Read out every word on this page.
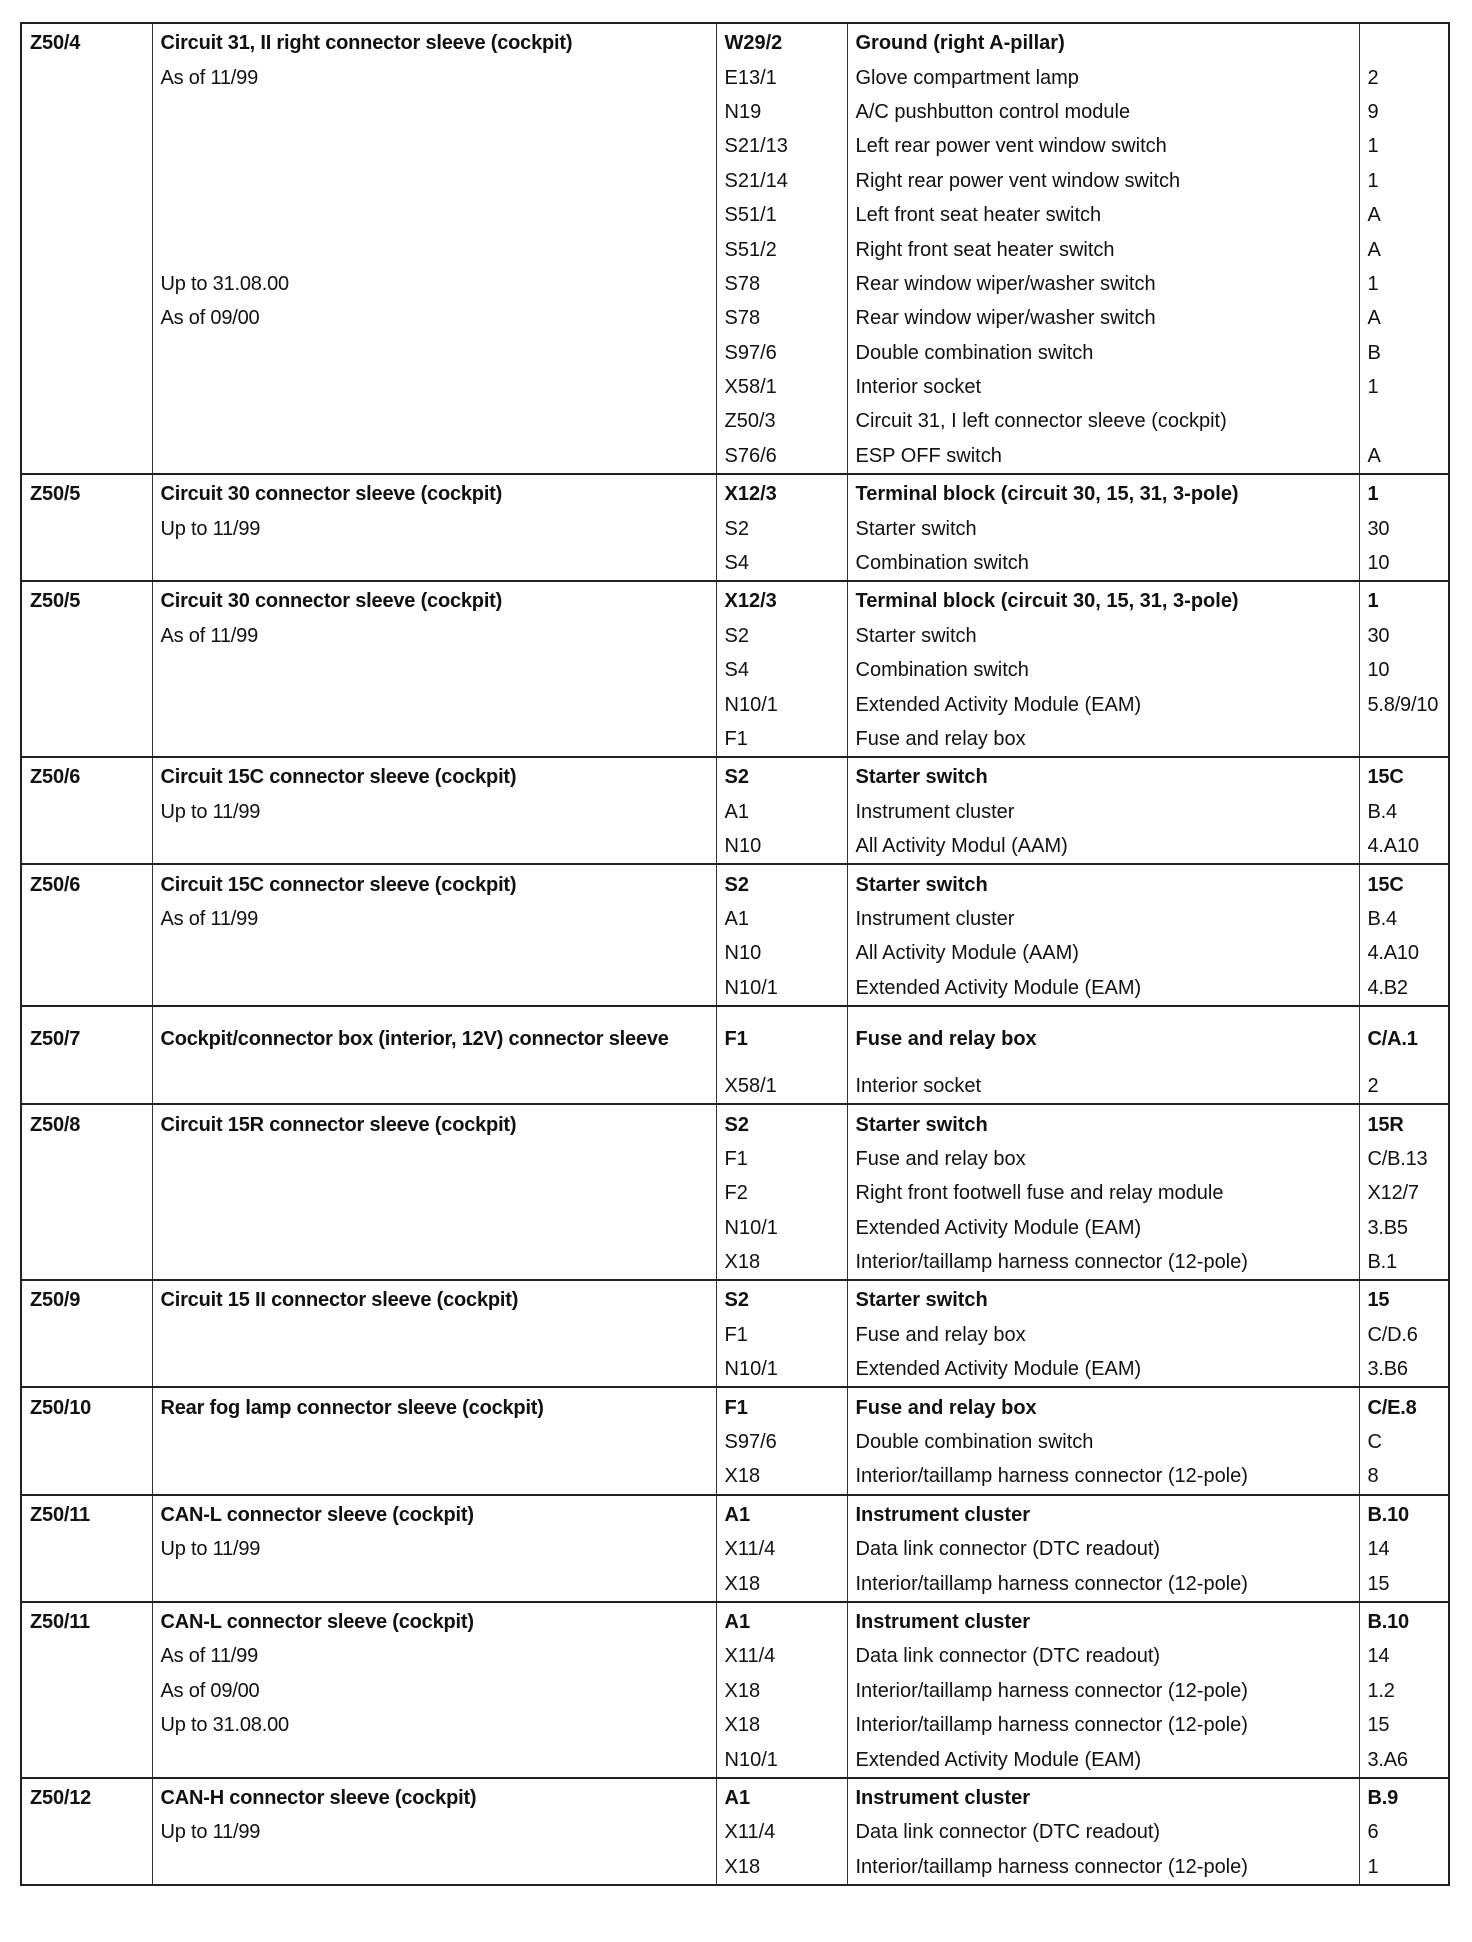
Z50/4	Circuit 31, II right connector sleeve (cockpit)	W29/2	Ground (right A-pillar)	
	As of 11/99	E13/1	Glove compartment lamp	2
		N19	A/C pushbutton control module	9
		S21/13	Left rear power vent window switch	1
		S21/14	Right rear power vent window switch	1
		S51/1	Left front seat heater switch	A
		S51/2	Right front seat heater switch	A
	Up to 31.08.00	S78	Rear window wiper/washer switch	1
	As of 09/00	S78	Rear window wiper/washer switch	A
		S97/6	Double combination switch	B
		X58/1	Interior socket	1
		Z50/3	Circuit 31, I left connector sleeve (cockpit)	
		S76/6	ESP OFF switch	A
Z50/5	Circuit 30 connector sleeve (cockpit)	X12/3	Terminal block (circuit 30, 15, 31, 3-pole)	1
	Up to 11/99	S2	Starter switch	30
		S4	Combination switch	10
Z50/5	Circuit 30 connector sleeve (cockpit)	X12/3	Terminal block (circuit 30, 15, 31, 3-pole)	1
	As of 11/99	S2	Starter switch	30
		S4	Combination switch	10
		N10/1	Extended Activity Module (EAM)	5.8/9/10
		F1	Fuse and relay box	
Z50/6	Circuit 15C connector sleeve (cockpit)	S2	Starter switch	15C
	Up to 11/99	A1	Instrument cluster	B.4
		N10	All Activity Modul (AAM)	4.A10
Z50/6	Circuit 15C connector sleeve (cockpit)	S2	Starter switch	15C
	As of 11/99	A1	Instrument cluster	B.4
		N10	All Activity Module (AAM)	4.A10
		N10/1	Extended Activity Module (EAM)	4.B2
Z50/7	Cockpit/connector box (interior, 12V) connector sleeve	F1	Fuse and relay box	C/A.1
		X58/1	Interior socket	2
Z50/8	Circuit 15R connector sleeve (cockpit)	S2	Starter switch	15R
		F1	Fuse and relay box	C/B.13
		F2	Right front footwell fuse and relay module	X12/7
		N10/1	Extended Activity Module (EAM)	3.B5
		X18	Interior/taillamp harness connector (12-pole)	B.1
Z50/9	Circuit 15 II connector sleeve (cockpit)	S2	Starter switch	15
		F1	Fuse and relay box	C/D.6
		N10/1	Extended Activity Module (EAM)	3.B6
Z50/10	Rear fog lamp connector sleeve (cockpit)	F1	Fuse and relay box	C/E.8
		S97/6	Double combination switch	C
		X18	Interior/taillamp harness connector (12-pole)	8
Z50/11	CAN-L connector sleeve (cockpit)	A1	Instrument cluster	B.10
	Up to 11/99	X11/4	Data link connector (DTC readout)	14
		X18	Interior/taillamp harness connector (12-pole)	15
Z50/11	CAN-L connector sleeve (cockpit)	A1	Instrument cluster	B.10
	As of 11/99	X11/4	Data link connector (DTC readout)	14
	As of 09/00	X18	Interior/taillamp harness connector (12-pole)	1.2
	Up to 31.08.00	X18	Interior/taillamp harness connector (12-pole)	15
		N10/1	Extended Activity Module (EAM)	3.A6
Z50/12	CAN-H connector sleeve (cockpit)	A1	Instrument cluster	B.9
	Up to 11/99	X11/4	Data link connector (DTC readout)	6
		X18	Interior/taillamp harness connector (12-pole)	1
